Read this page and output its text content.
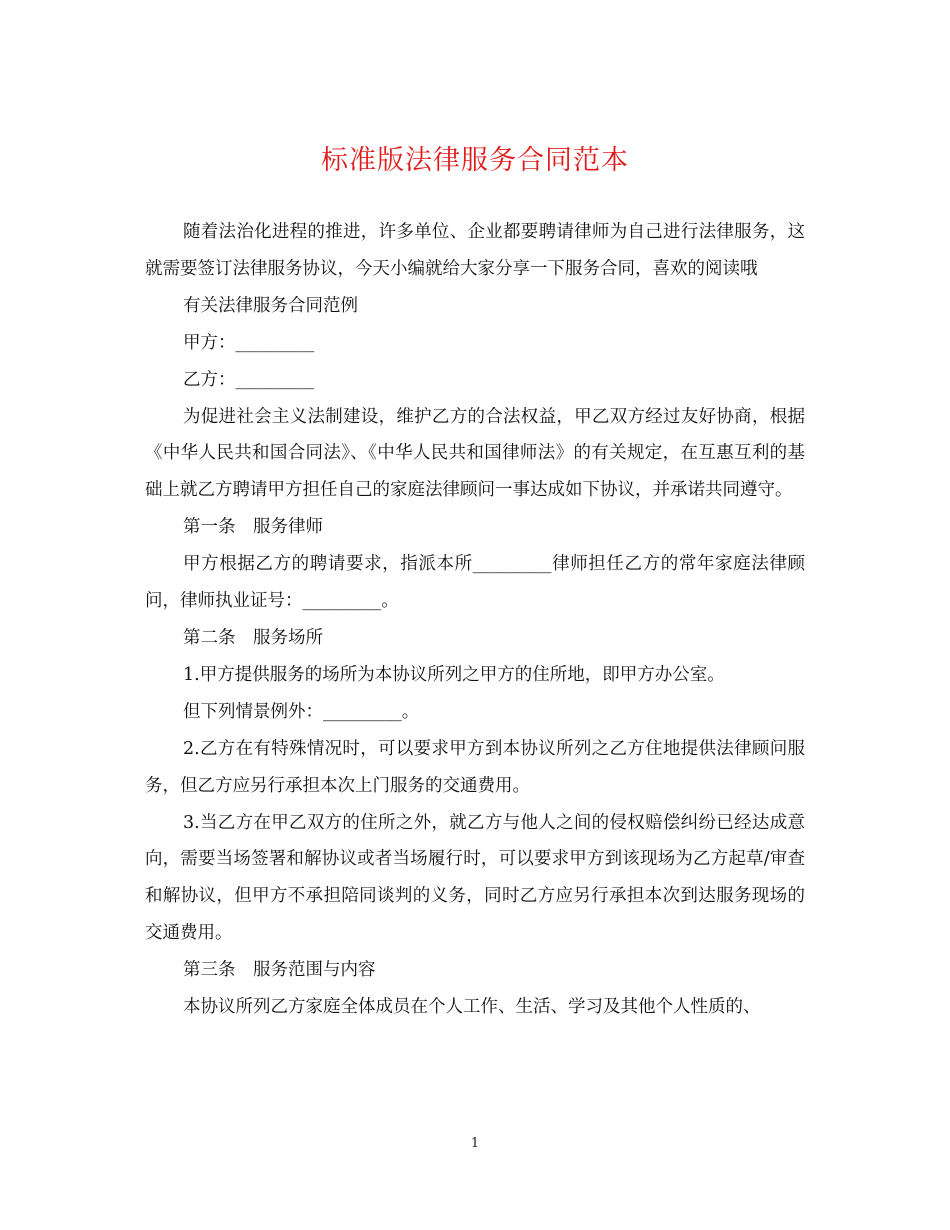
标准版法律服务合同范本

随着法治化进程的推进，许多单位、企业都要聘请律师为自己进行法律服务，这就需要签订法律服务协议，今天小编就给大家分享一下服务合同，喜欢的阅读哦

有关法律服务合同范例

甲方：_________

乙方：_________

为促进社会主义法制建设，维护乙方的合法权益，甲乙双方经过友好协商，根据《中华人民共和国合同法》、《中华人民共和国律师法》的有关规定，在互惠互利的基础上就乙方聘请甲方担任自己的家庭法律顾问一事达成如下协议，并承诺共同遵守。

第一条　服务律师

甲方根据乙方的聘请要求，指派本所_________律师担任乙方的常年家庭法律顾问，律师执业证号：_________。

第二条　服务场所

1.甲方提供服务的场所为本协议所列之甲方的住所地，即甲方办公室。

但下列情景例外：_________。

2.乙方在有特殊情况时，可以要求甲方到本协议所列之乙方住地提供法律顾问服务，但乙方应另行承担本次上门服务的交通费用。

3.当乙方在甲乙双方的住所之外，就乙方与他人之间的侵权赔偿纠纷已经达成意向，需要当场签署和解协议或者当场履行时，可以要求甲方到该现场为乙方起草/审查和解协议，但甲方不承担陪同谈判的义务，同时乙方应另行承担本次到达服务现场的交通费用。

第三条　服务范围与内容

本协议所列乙方家庭全体成员在个人工作、生活、学习及其他个人性质的、

1
